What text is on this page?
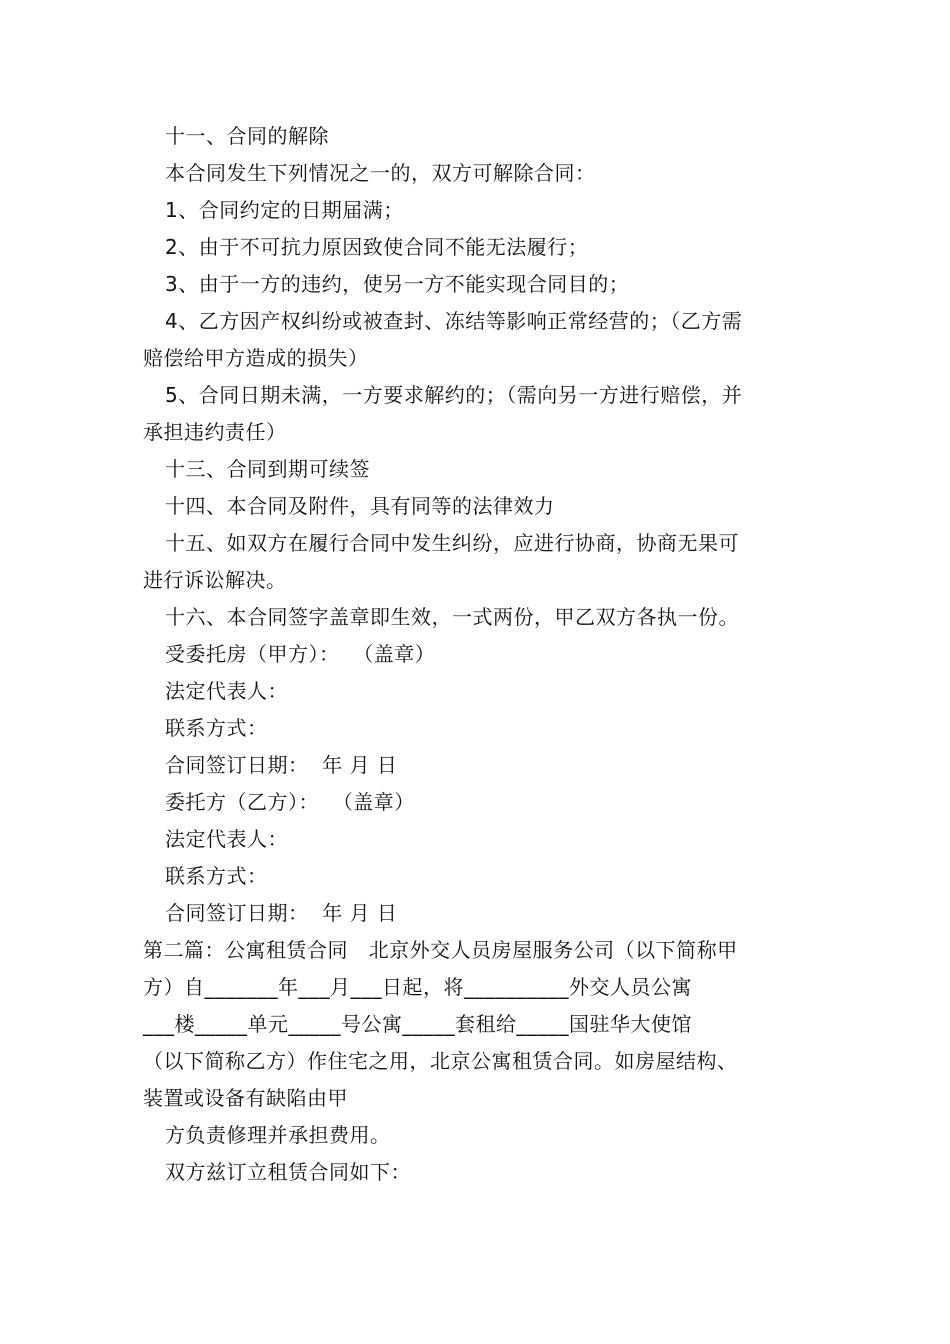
十一、合同的解除
本合同发生下列情况之一的，双方可解除合同：
1、合同约定的日期届满；
2、由于不可抗力原因致使合同不能无法履行；
3、由于一方的违约，使另一方不能实现合同目的；
4、乙方因产权纠纷或被查封、冻结等影响正常经营的；（乙方需
赔偿给甲方造成的损失）
5、合同日期未满，一方要求解约的；（需向另一方进行赔偿，并
承担违约责任）
十三、合同到期可续签
十四、本合同及附件，具有同等的法律效力
十五、如双方在履行合同中发生纠纷，应进行协商，协商无果可
进行诉讼解决。
十六、本合同签字盖章即生效，一式两份，甲乙双方各执一份。
受委托房（甲方）：  （盖章）
法定代表人：
联系方式：
合同签订日期：  年 月 日
委托方（乙方）：  （盖章）
法定代表人：
联系方式：
合同签订日期：  年 月 日
第二篇：公寓租赁合同   北京外交人员房屋服务公司（以下简称甲
方）自_______年___月___日起，将__________外交人员公寓
___楼_____单元_____号公寓_____套租给_____国驻华大使馆
（以下简称乙方）作住宅之用，北京公寓租赁合同。如房屋结构、
装置或设备有缺陷由甲
方负责修理并承担费用。
双方兹订立租赁合同如下：
